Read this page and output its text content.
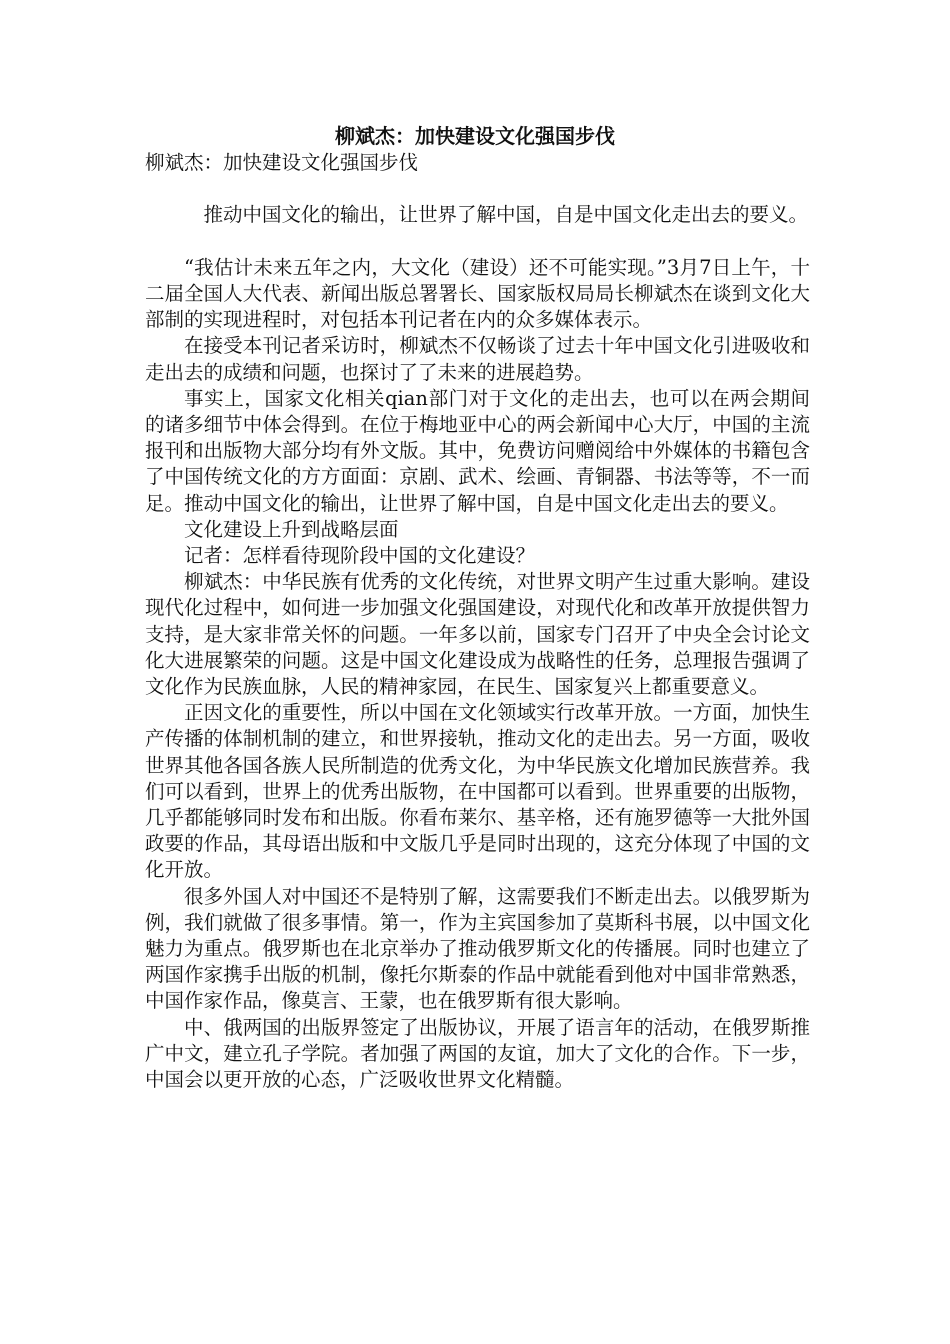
柳斌杰：加快建设文化强国步伐

柳斌杰：加快建设文化强国步伐

推动中国文化的输出，让世界了解中国，自是中国文化走出去的要义。

“我估计未来五年之内，大文化（建设）还不可能实现。”3月7日上午，十二届全国人大代表、新闻出版总署署长、国家版权局局长柳斌杰在谈到文化大部制的实现进程时，对包括本刊记者在内的众多媒体表示。

在接受本刊记者采访时，柳斌杰不仅畅谈了过去十年中国文化引进吸收和走出去的成绩和问题，也探讨了了未来的进展趋势。

事实上，国家文化相关qian部门对于文化的走出去，也可以在两会期间的诸多细节中体会得到。在位于梅地亚中心的两会新闻中心大厅，中国的主流报刊和出版物大部分均有外文版。其中，免费访问赠阅给中外媒体的书籍包含了中国传统文化的方方面面：京剧、武术、绘画、青铜器、书法等等，不一而足。推动中国文化的输出，让世界了解中国，自是中国文化走出去的要义。

文化建设上升到战略层面

记者：怎样看待现阶段中国的文化建设？

柳斌杰：中华民族有优秀的文化传统，对世界文明产生过重大影响。建设现代化过程中，如何进一步加强文化强国建设，对现代化和改革开放提供智力支持，是大家非常关怀的问题。一年多以前，国家专门召开了中央全会讨论文化大进展繁荣的问题。这是中国文化建设成为战略性的任务，总理报告强调了文化作为民族血脉，人民的精神家园，在民生、国家复兴上都重要意义。

正因文化的重要性，所以中国在文化领域实行改革开放。一方面，加快生产传播的体制机制的建立，和世界接轨，推动文化的走出去。另一方面，吸收世界其他各国各族人民所制造的优秀文化，为中华民族文化增加民族营养。我们可以看到，世界上的优秀出版物，在中国都可以看到。世界重要的出版物，几乎都能够同时发布和出版。你看布莱尔、基辛格，还有施罗德等一大批外国政要的作品，其母语出版和中文版几乎是同时出现的，这充分体现了中国的文化开放。

很多外国人对中国还不是特别了解，这需要我们不断走出去。以俄罗斯为例，我们就做了很多事情。第一，作为主宾国参加了莫斯科书展，以中国文化魅力为重点。俄罗斯也在北京举办了推动俄罗斯文化的传播展。同时也建立了两国作家携手出版的机制，像托尔斯泰的作品中就能看到他对中国非常熟悉，中国作家作品，像莫言、王蒙，也在俄罗斯有很大影响。

中、俄两国的出版界签定了出版协议，开展了语言年的活动，在俄罗斯推广中文，建立孔子学院。者加强了两国的友谊，加大了文化的合作。下一步，中国会以更开放的心态，广泛吸收世界文化精髓。
